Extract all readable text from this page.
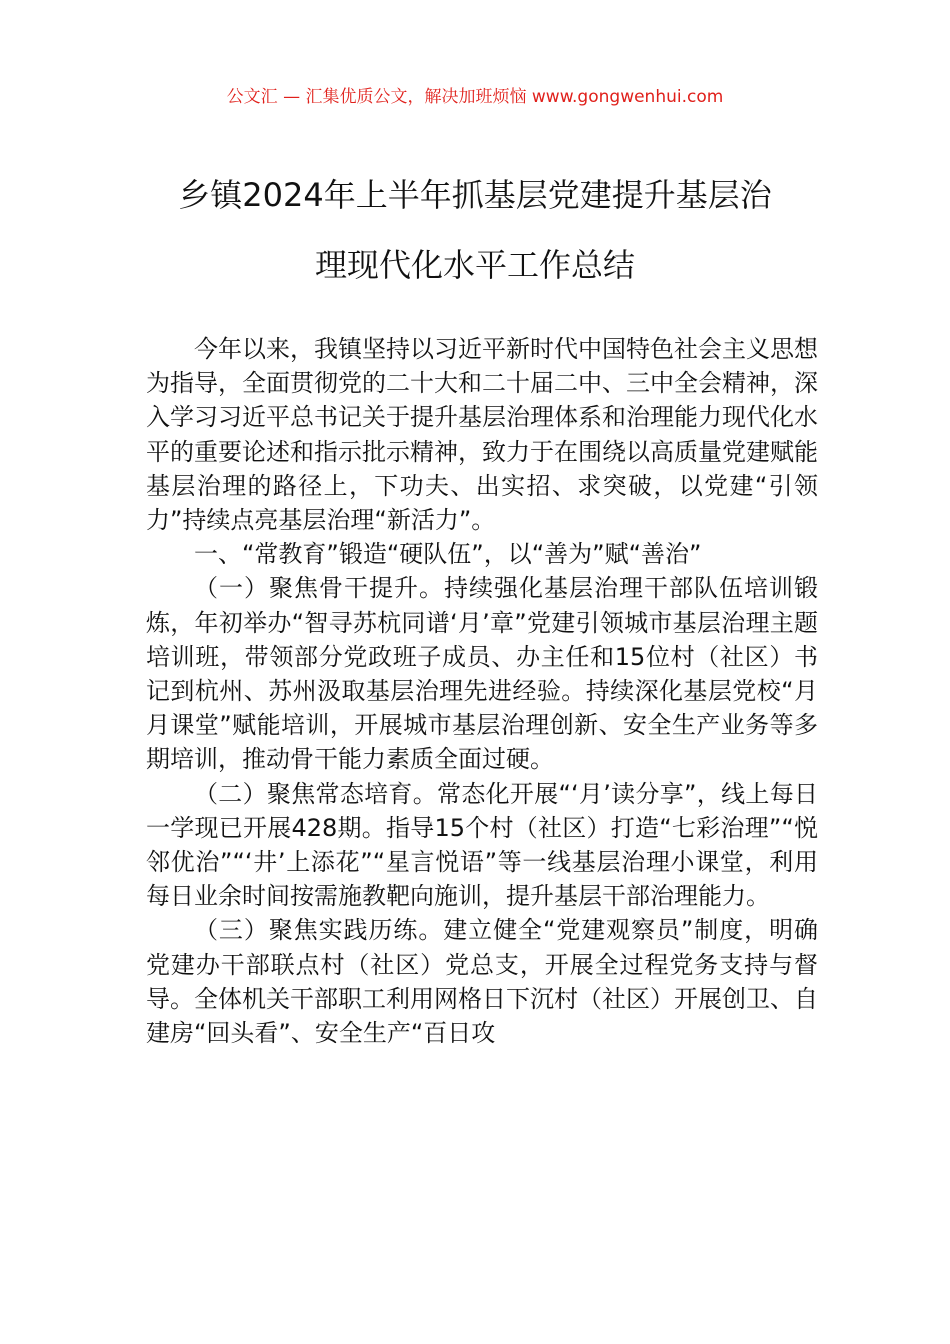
公文汇 — 汇集优质公文，解决加班烦恼 www.gongwenhui.com
乡镇2024年上半年抓基层党建提升基层治
理现代化水平工作总结

今年以来，我镇坚持以习近平新时代中国特色社会主义思想为指导，全面贯彻党的二十大和二十届二中、三中全会精神，深入学习习近平总书记关于提升基层治理体系和治理能力现代化水平的重要论述和指示批示精神，致力于在围绕以高质量党建赋能基层治理的路径上，下功夫、出实招、求突破，以党建“引领力”持续点亮基层治理“新活力”。

一、“常教育”锻造“硬队伍”，以“善为”赋“善治”

（一）聚焦骨干提升。持续强化基层治理干部队伍培训锻炼，年初举办“智寻苏杭同谱‘月’章”党建引领城市基层治理主题培训班，带领部分党政班子成员、办主任和15位村（社区）书记到杭州、苏州汲取基层治理先进经验。持续深化基层党校“月月课堂”赋能培训，开展城市基层治理创新、安全生产业务等多期培训，推动骨干能力素质全面过硬。

（二）聚焦常态培育。常态化开展“‘月’读分享”，线上每日一学现已开展428期。指导15个村（社区）打造“七彩治理”“悦邻优治”“‘井’上添花”“星言悦语”等一线基层治理小课堂，利用每日业余时间按需施教靶向施训，提升基层干部治理能力。

（三）聚焦实践历练。建立健全“党建观察员”制度，明确党建办干部联点村（社区）党总支，开展全过程党务支持与督导。全体机关干部职工利用网格日下沉村（社区）开展创卫、自建房“回头看”、安全生产“百日攻
